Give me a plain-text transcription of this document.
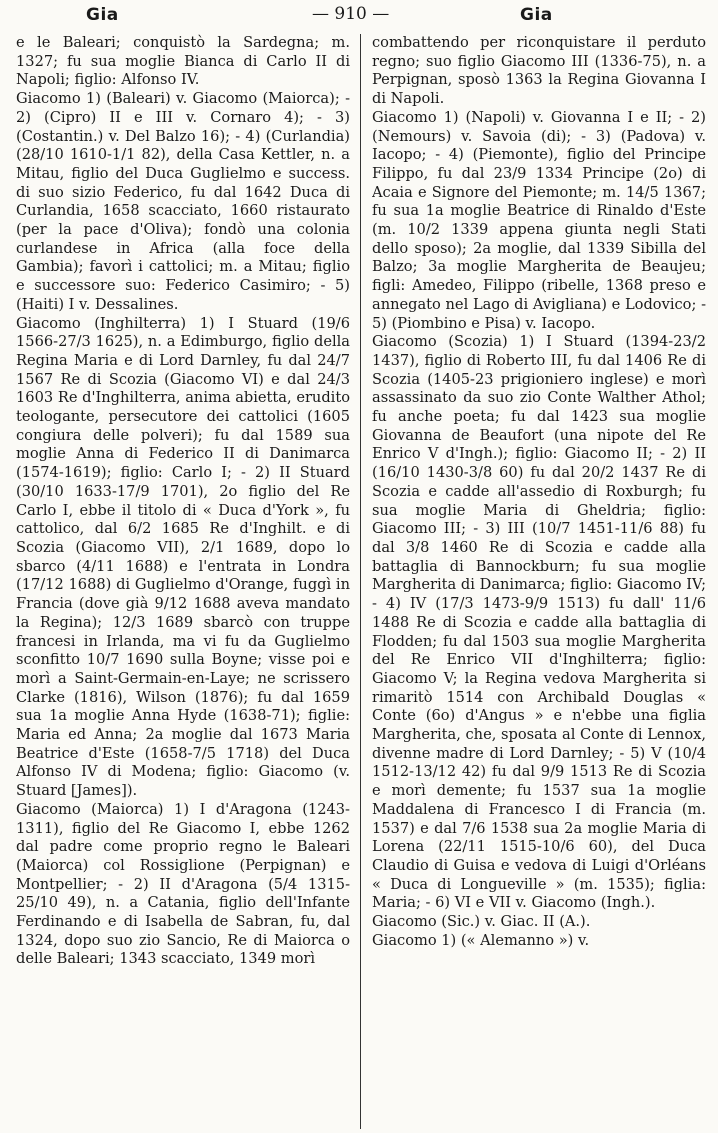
Gia	— 910 —	Gia

e le Baleari; conquistò la Sardegna; m. 1327; fu sua moglie Bianca di Carlo II di Napoli; figlio: Alfonso IV.

Giacomo 1) (Baleari) v. Giacomo (Maiorca); - 2) (Cipro) II e III v. Cornaro 4); - 3) (Costantin.) v. Del Balzo 16); - 4) (Curlandia) (28/10 1610-1/1 82), della Casa Kettler, n. a Mitau, figlio del Duca Guglielmo e success. di suo sizio Federico, fu dal 1642 Duca di Curlandia, 1658 scacciato, 1660 ristaurato (per la pace d'Oliva); fondò una colonia curlandese in Africa (alla foce della Gambia); favorì i cattolici; m. a Mitau; figlio e successore suo: Federico Casimiro; - 5) (Haiti) I v. Dessalines.

Giacomo (Inghilterra) 1) I Stuard (19/6 1566-27/3 1625), n. a Edimburgo, figlio della Regina Maria e di Lord Darnley, fu dal 24/7 1567 Re di Scozia (Giacomo VI) e dal 24/3 1603 Re d'Inghilterra, anima abietta, erudito teologante, persecutore dei cattolici (1605 congiura delle polveri); fu dal 1589 sua moglie Anna di Federico II di Danimarca (1574-1619); figlio: Carlo I; - 2) II Stuard (30/10 1633-17/9 1701), 2o figlio del Re Carlo I, ebbe il titolo di « Duca d'York », fu cattolico, dal 6/2 1685 Re d'Inghilt. e di Scozia (Giacomo VII), 2/1 1689, dopo lo sbarco (4/11 1688) e l'entrata in Londra (17/12 1688) di Guglielmo d'Orange, fuggì in Francia (dove già 9/12 1688 aveva mandato la Regina); 12/3 1689 sbarcò con truppe francesi in Irlanda, ma vi fu da Guglielmo sconfitto 10/7 1690 sulla Boyne; visse poi e morì a Saint-Germain-en-Laye; ne scrissero Clarke (1816), Wilson (1876); fu dal 1659 sua 1a moglie Anna Hyde (1638-71); figlie: Maria ed Anna; 2a moglie dal 1673 Maria Beatrice d'Este (1658-7/5 1718) del Duca Alfonso IV di Modena; figlio: Giacomo (v. Stuard [James]).

Giacomo (Maiorca) 1) I d'Aragona (1243-1311), figlio del Re Giacomo I, ebbe 1262 dal padre come proprio regno le Baleari (Maiorca) col Rossiglione (Perpignan) e Montpellier; - 2) II d'Aragona (5/4 1315-25/10 49), n. a Catania, figlio dell'Infante Ferdinando e di Isabella de Sabran, fu, dal 1324, dopo suo zio Sancio, Re di Maiorca o delle Baleari; 1343 scacciato, 1349 morì

combattendo per riconquistare il perduto regno; suo figlio Giacomo III (1336-75), n. a Perpignan, sposò 1363 la Regina Giovanna I di Napoli.

Giacomo 1) (Napoli) v. Giovanna I e II; - 2) (Nemours) v. Savoia (di); - 3) (Padova) v. Iacopo; - 4) (Piemonte), figlio del Principe Filippo, fu dal 23/9 1334 Principe (2o) di Acaia e Signore del Piemonte; m. 14/5 1367; fu sua 1a moglie Beatrice di Rinaldo d'Este (m. 10/2 1339 appena giunta negli Stati dello sposo); 2a moglie, dal 1339 Sibilla del Balzo; 3a moglie Margherita de Beaujeu; figli: Amedeo, Filippo (ribelle, 1368 preso e annegato nel Lago di Avigliana) e Lodovico; - 5) (Piombino e Pisa) v. Iacopo.

Giacomo (Scozia) 1) I Stuard (1394-23/2 1437), figlio di Roberto III, fu dal 1406 Re di Scozia (1405-23 prigioniero inglese) e morì assassinato da suo zio Conte Walther Athol; fu anche poeta; fu dal 1423 sua moglie Giovanna de Beaufort (una nipote del Re Enrico V d'Ingh.); figlio: Giacomo II; - 2) II (16/10 1430-3/8 60) fu dal 20/2 1437 Re di Scozia e cadde all'assedio di Roxburgh; fu sua moglie Maria di Gheldria; figlio: Giacomo III; - 3) III (10/7 1451-11/6 88) fu dal 3/8 1460 Re di Scozia e cadde alla battaglia di Bannockburn; fu sua moglie Margherita di Danimarca; figlio: Giacomo IV; - 4) IV (17/3 1473-9/9 1513) fu dall' 11/6 1488 Re di Scozia e cadde alla battaglia di Flodden; fu dal 1503 sua moglie Margherita del Re Enrico VII d'Inghilterra; figlio: Giacomo V; la Regina vedova Margherita si rimaritò 1514 con Archibald Douglas « Conte (6o) d'Angus » e n'ebbe una figlia Margherita, che, sposata al Conte di Lennox, divenne madre di Lord Darnley; - 5) V (10/4 1512-13/12 42) fu dal 9/9 1513 Re di Scozia e morì demente; fu 1537 sua 1a moglie Maddalena di Francesco I di Francia (m. 1537) e dal 7/6 1538 sua 2a moglie Maria di Lorena (22/11 1515-10/6 60), del Duca Claudio di Guisa e vedova di Luigi d'Orléans « Duca di Longueville » (m. 1535); figlia: Maria; - 6) VI e VII v. Giacomo (Ingh.).

Giacomo (Sic.) v. Giac. II (A.).

Giacomo 1) (« Alemanno ») v.
